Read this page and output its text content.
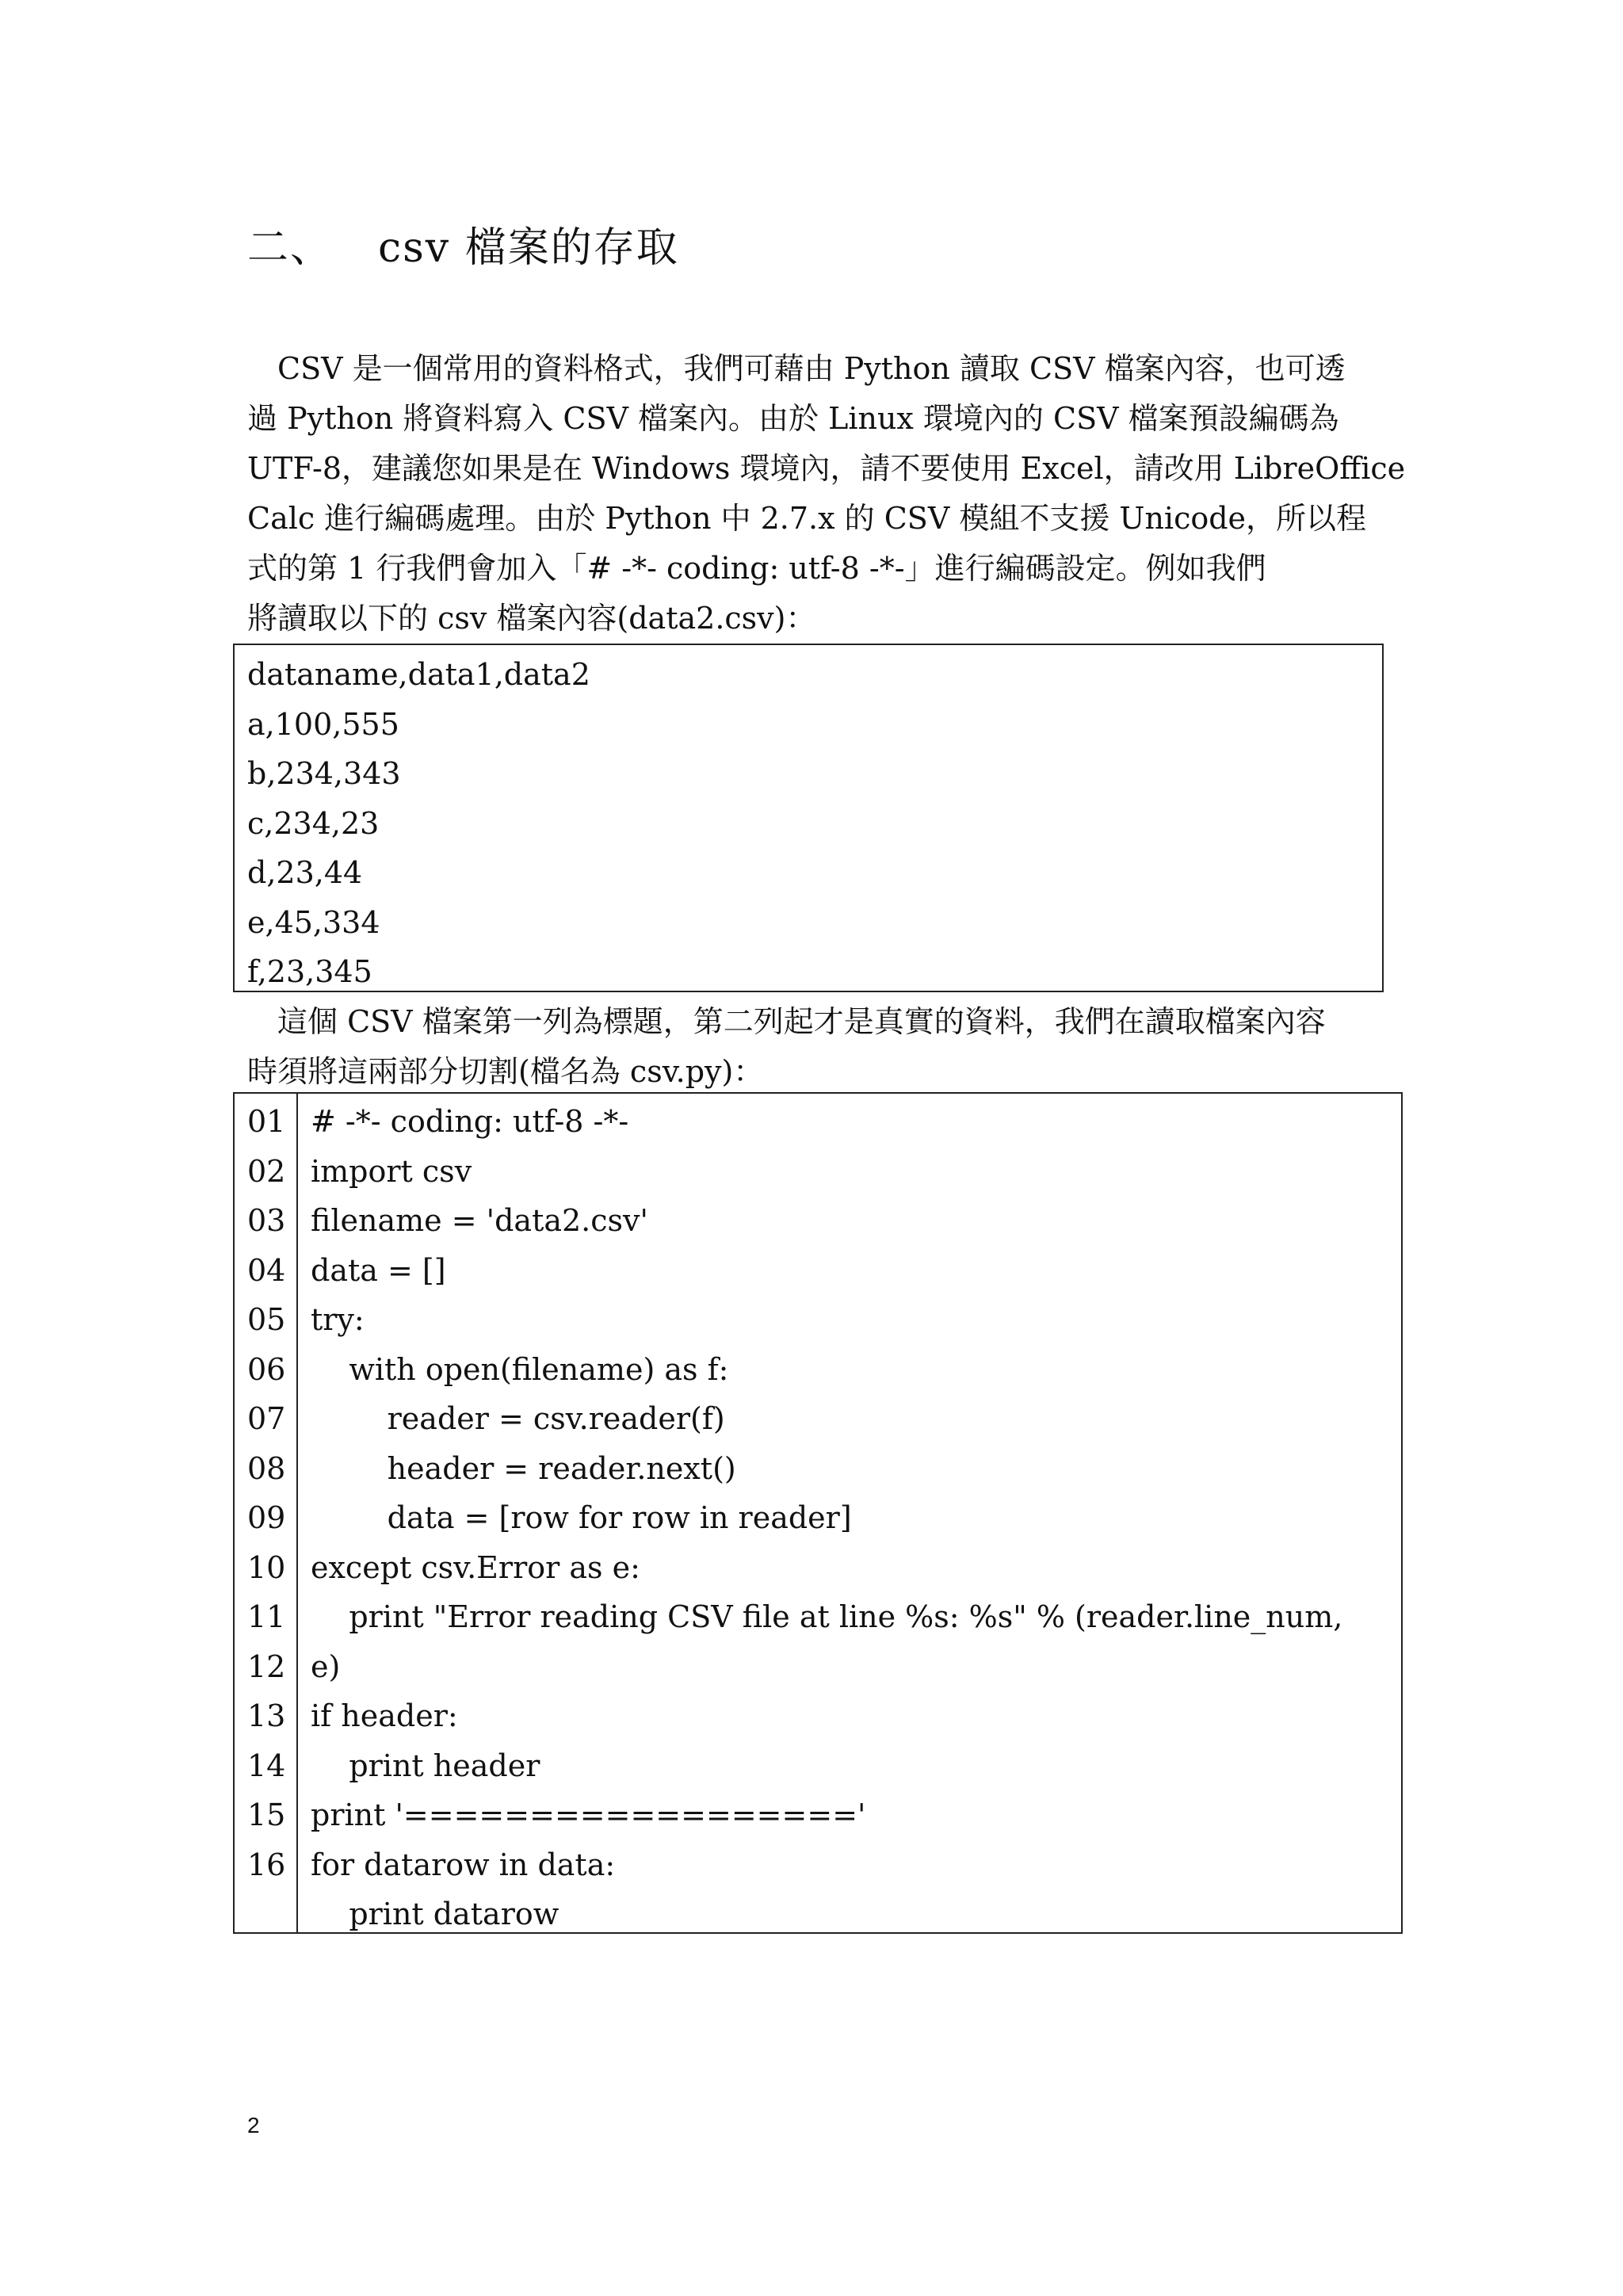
二、 csv 檔案的存取
　CSV 是一個常用的資料格式，我們可藉由 Python 讀取 CSV 檔案內容，也可透
過 Python 將資料寫入 CSV 檔案內。由於 Linux 環境內的 CSV 檔案預設編碼為
UTF-8，建議您如果是在 Windows 環境內，請不要使用 Excel，請改用 LibreOffice
Calc 進行編碼處理。由於 Python 中 2.7.x 的 CSV 模組不支援 Unicode，所以程
式的第 1 行我們會加入「# -*- coding: utf-8 -*-」進行編碼設定。例如我們
將讀取以下的 csv 檔案內容(data2.csv)：
dataname,data1,data2
a,100,555
b,234,343
c,234,23
d,23,44
e,45,334
f,23,345
　這個 CSV 檔案第一列為標題，第二列起才是真實的資料，我們在讀取檔案內容
時須將這兩部分切割(檔名為 csv.py)：
01 # -*- coding: utf-8 -*-
02 import csv
03 filename = 'data2.csv'
04 data = []
05 try:
06 with open(filename) as f:
07 reader = csv.reader(f)
08 header = reader.next()
09 data = [row for row in reader]
10 except csv.Error as e:
11 print "Error reading CSV file at line %s: %s" % (reader.line_num,
12 e)
13 if header:
14 print header
15 print '=================='
16 for datarow in data:
print datarow
2
